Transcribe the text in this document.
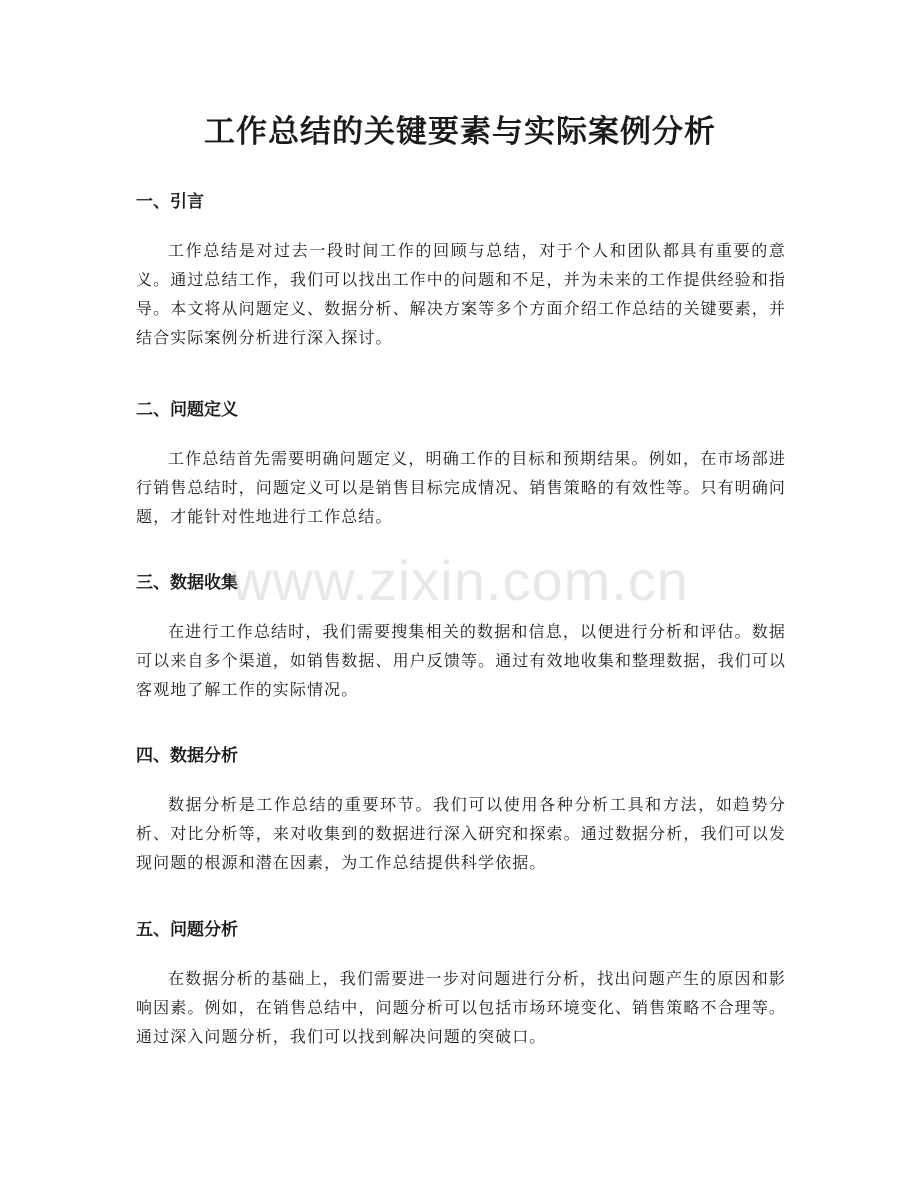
工作总结的关键要素与实际案例分析
一、引言

工作总结是对过去一段时间工作的回顾与总结，对于个人和团队都具有重要的意义。通过总结工作，我们可以找出工作中的问题和不足，并为未来的工作提供经验和指导。本文将从问题定义、数据分析、解决方案等多个方面介绍工作总结的关键要素，并结合实际案例分析进行深入探讨。

二、问题定义

工作总结首先需要明确问题定义，明确工作的目标和预期结果。例如，在市场部进行销售总结时，问题定义可以是销售目标完成情况、销售策略的有效性等。只有明确问题，才能针对性地进行工作总结。

三、数据收集

在进行工作总结时，我们需要搜集相关的数据和信息，以便进行分析和评估。数据可以来自多个渠道，如销售数据、用户反馈等。通过有效地收集和整理数据，我们可以客观地了解工作的实际情况。

四、数据分析

数据分析是工作总结的重要环节。我们可以使用各种分析工具和方法，如趋势分析、对比分析等，来对收集到的数据进行深入研究和探索。通过数据分析，我们可以发现问题的根源和潜在因素，为工作总结提供科学依据。

五、问题分析

在数据分析的基础上，我们需要进一步对问题进行分析，找出问题产生的原因和影响因素。例如，在销售总结中，问题分析可以包括市场环境变化、销售策略不合理等。通过深入问题分析，我们可以找到解决问题的突破口。

www.zixin.com.cn
